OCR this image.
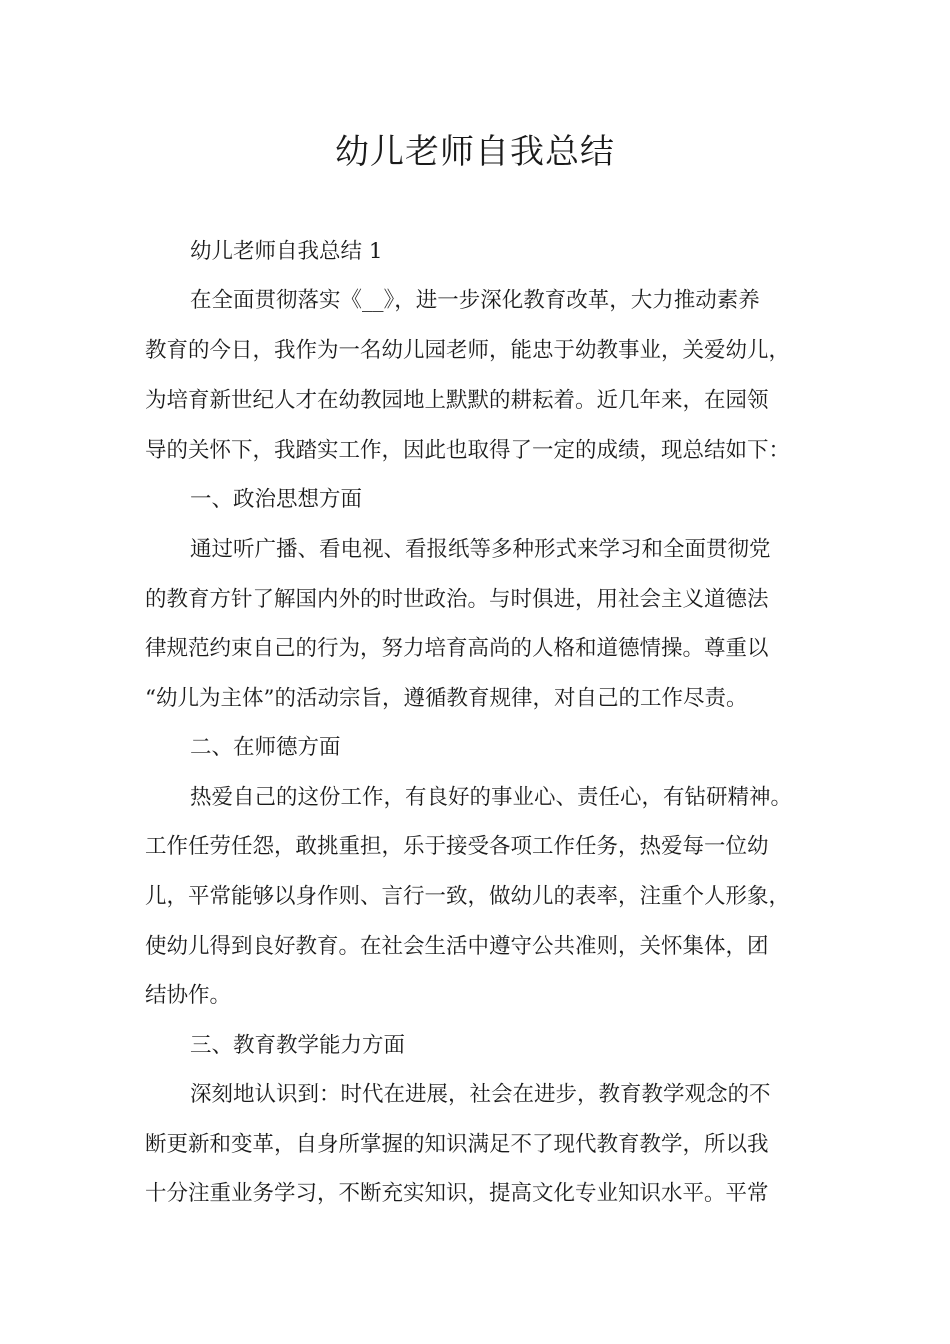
幼儿老师自我总结

幼儿老师自我总结 1

在全面贯彻落实《__》，进一步深化教育改革，大力推动素养

教育的今日，我作为一名幼儿园老师，能忠于幼教事业，关爱幼儿，

为培育新世纪人才在幼教园地上默默的耕耘着。近几年来，在园领

导的关怀下，我踏实工作，因此也取得了一定的成绩，现总结如下：

一、政治思想方面

通过听广播、看电视、看报纸等多种形式来学习和全面贯彻党

的教育方针了解国内外的时世政治。与时俱进，用社会主义道德法

律规范约束自己的行为，努力培育高尚的人格和道德情操。尊重以

“幼儿为主体”的活动宗旨，遵循教育规律，对自己的工作尽责。

二、在师德方面

热爱自己的这份工作，有良好的事业心、责任心，有钻研精神。

工作任劳任怨，敢挑重担，乐于接受各项工作任务，热爱每一位幼

儿，平常能够以身作则、言行一致，做幼儿的表率，注重个人形象，

使幼儿得到良好教育。在社会生活中遵守公共准则，关怀集体，团

结协作。

三、教育教学能力方面

深刻地认识到：时代在进展，社会在进步，教育教学观念的不

断更新和变革，自身所掌握的知识满足不了现代教育教学，所以我

十分注重业务学习，不断充实知识，提高文化专业知识水平。平常
